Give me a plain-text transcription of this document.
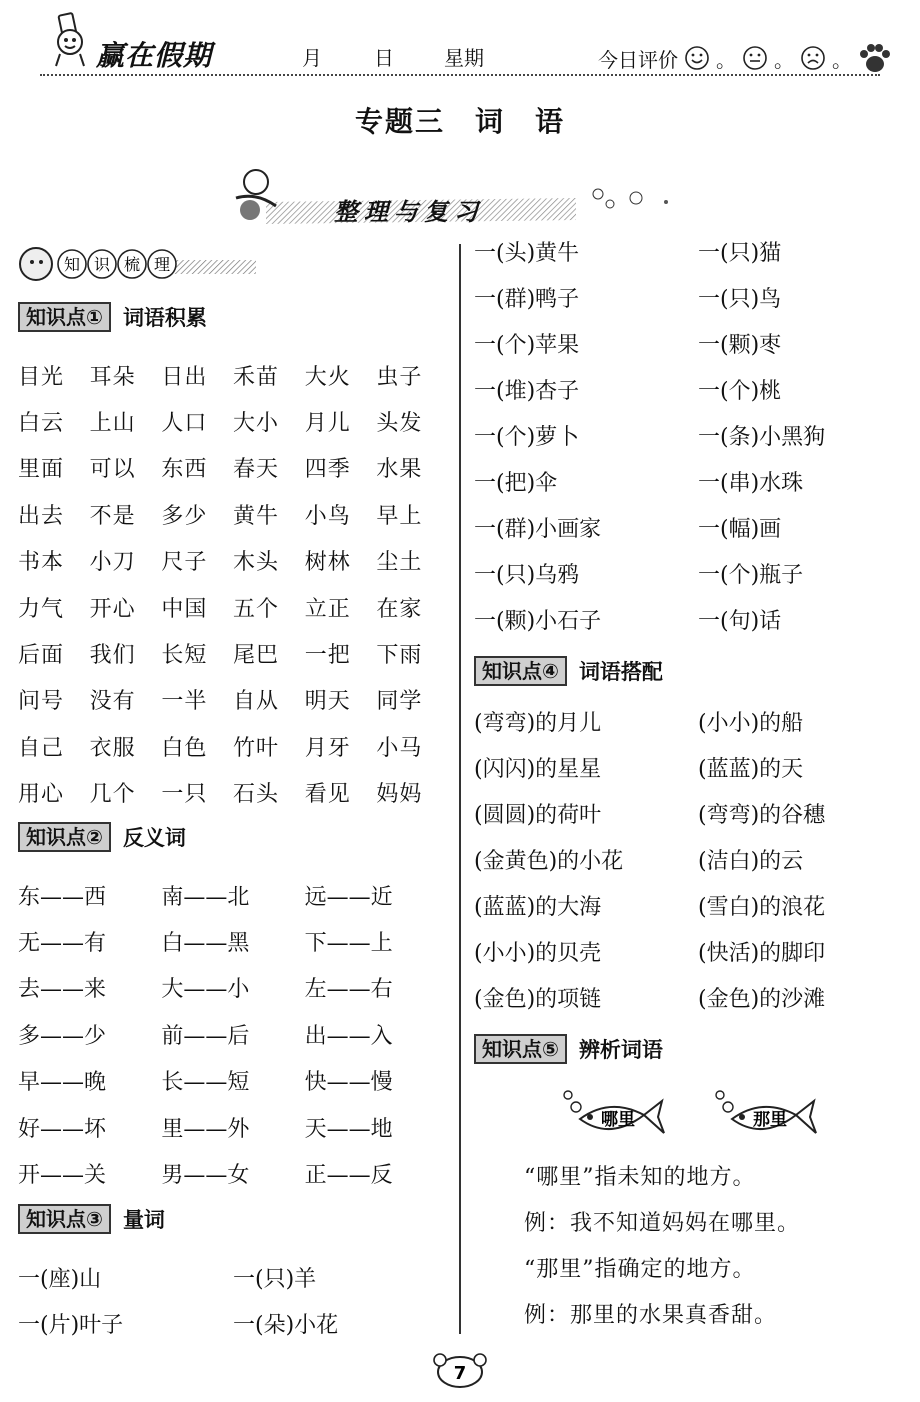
赢在假期	月	日	星期	今日评价 。 。 。
专题三　词　语
整理与复习
知 识 梳 理
知识点① 词语积累
目光	耳朵	日出	禾苗	大火	虫子
白云	上山	人口	大小	月儿	头发
里面	可以	东西	春天	四季	水果
出去	不是	多少	黄牛	小鸟	早上
书本	小刀	尺子	木头	树林	尘土
力气	开心	中国	五个	立正	在家
后面	我们	长短	尾巴	一把	下雨
问号	没有	一半	自从	明天	同学
自己	衣服	白色	竹叶	月牙	小马
用心	几个	一只	石头	看见	妈妈
知识点② 反义词
东——西	南——北	远——近
无——有	白——黑	下——上
去——来	大——小	左——右
多——少	前——后	出——入
早——晚	长——短	快——慢
好——坏	里——外	天——地
开——关	男——女	正——反
知识点③ 量词
一(座)山	一(只)羊
一(片)叶子	一(朵)小花
一(头)黄牛	一(只)猫
一(群)鸭子	一(只)鸟
一(个)苹果	一(颗)枣
一(堆)杏子	一(个)桃
一(个)萝卜	一(条)小黑狗
一(把)伞	一(串)水珠
一(群)小画家	一(幅)画
一(只)乌鸦	一(个)瓶子
一(颗)小石子	一(句)话
知识点④ 词语搭配
(弯弯)的月儿	(小小)的船
(闪闪)的星星	(蓝蓝)的天
(圆圆)的荷叶	(弯弯)的谷穗
(金黄色)的小花	(洁白)的云
(蓝蓝)的大海	(雪白)的浪花
(小小)的贝壳	(快活)的脚印
(金色)的项链	(金色)的沙滩
知识点⑤ 辨析词语
哪里	那里
“哪里”指未知的地方。
例：我不知道妈妈在哪里。
“那里”指确定的地方。
例：那里的水果真香甜。
7
